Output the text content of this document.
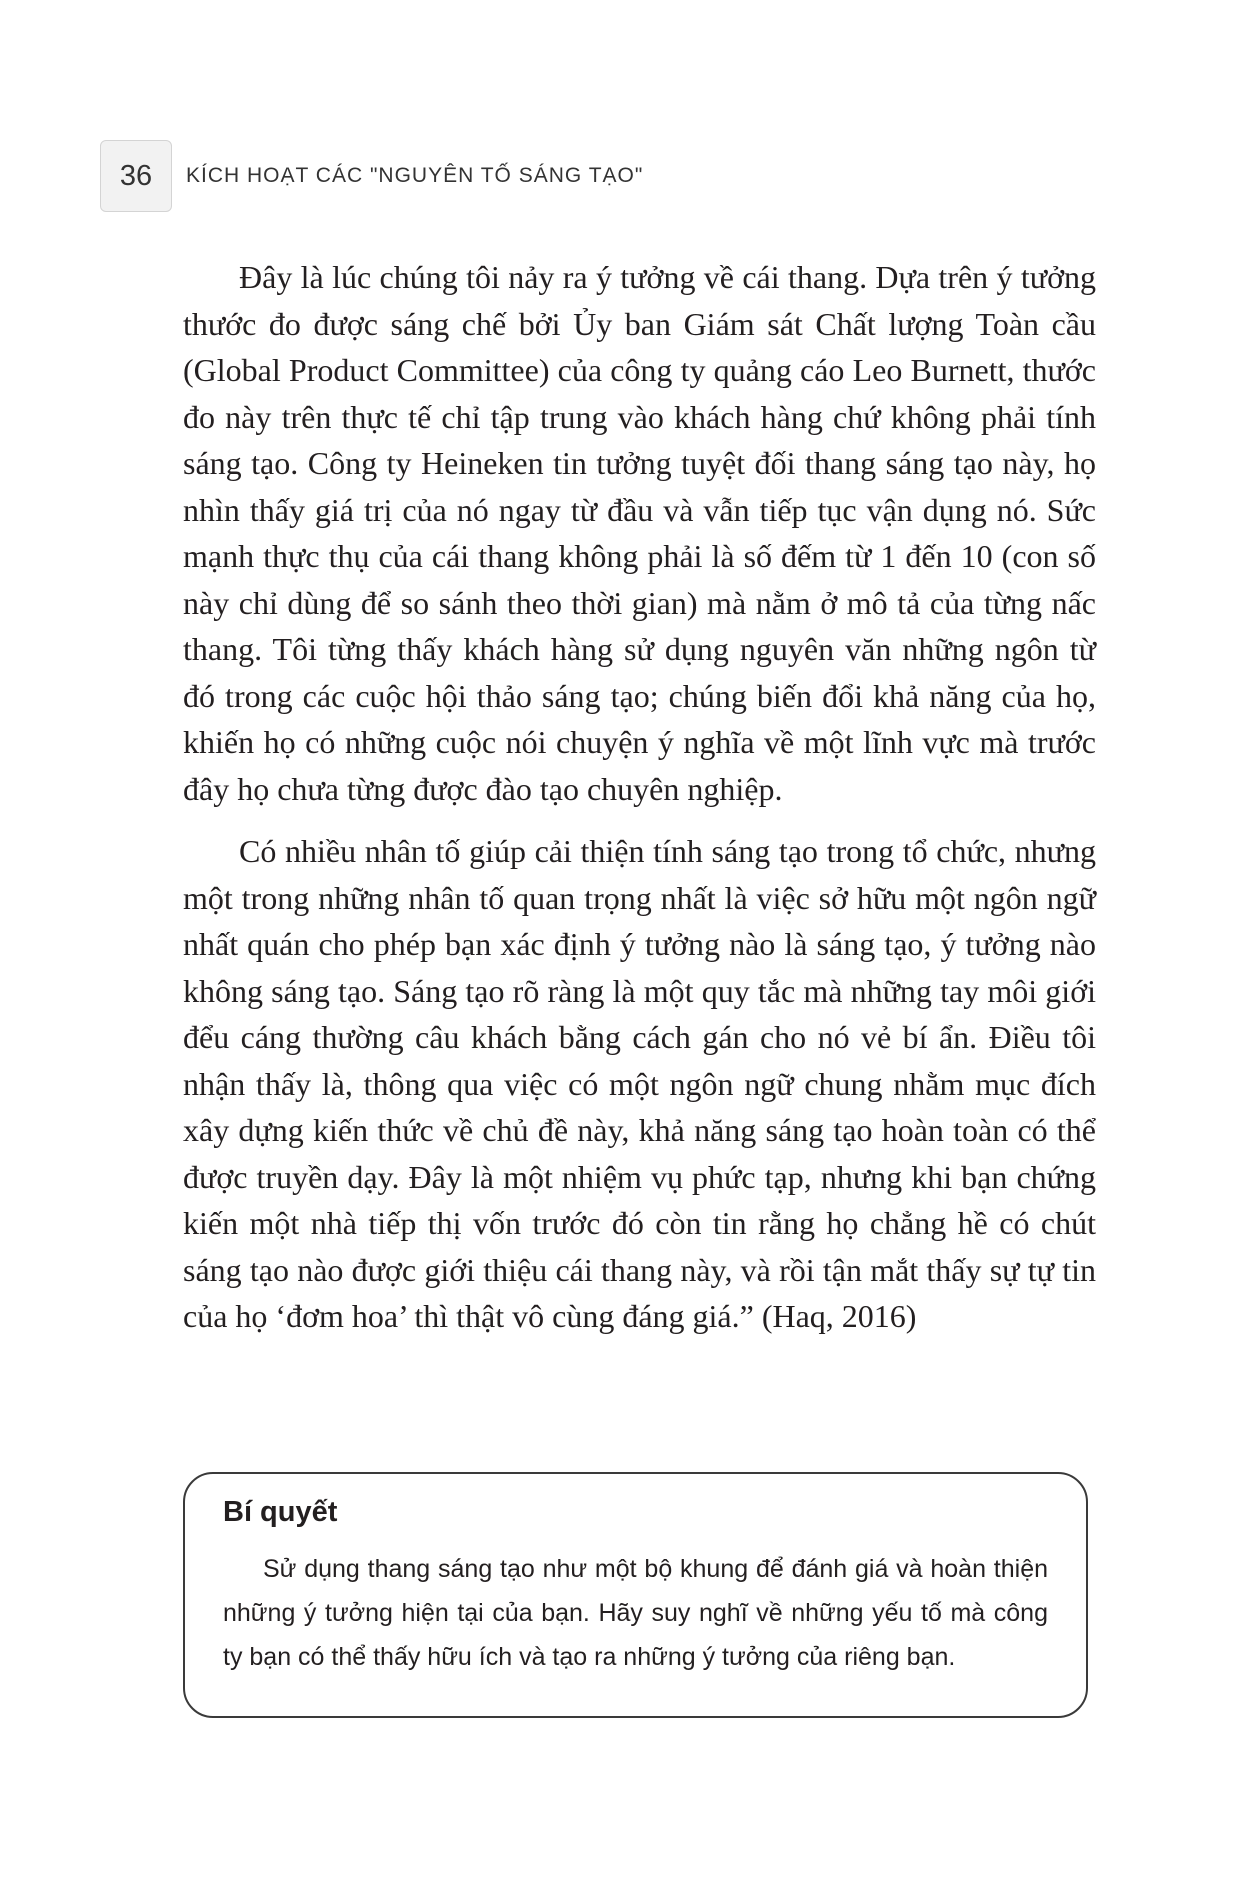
36	KÍCH HOẠT CÁC "NGUYÊN TỐ SÁNG TẠO"

Đây là lúc chúng tôi nảy ra ý tưởng về cái thang. Dựa trên ý tưởng thước đo được sáng chế bởi Ủy ban Giám sát Chất lượng Toàn cầu (Global Product Committee) của công ty quảng cáo Leo Burnett, thước đo này trên thực tế chỉ tập trung vào khách hàng chứ không phải tính sáng tạo. Công ty Heineken tin tưởng tuyệt đối thang sáng tạo này, họ nhìn thấy giá trị của nó ngay từ đầu và vẫn tiếp tục vận dụng nó. Sức mạnh thực thụ của cái thang không phải là số đếm từ 1 đến 10 (con số này chỉ dùng để so sánh theo thời gian) mà nằm ở mô tả của từng nấc thang. Tôi từng thấy khách hàng sử dụng nguyên văn những ngôn từ đó trong các cuộc hội thảo sáng tạo; chúng biến đổi khả năng của họ, khiến họ có những cuộc nói chuyện ý nghĩa về một lĩnh vực mà trước đây họ chưa từng được đào tạo chuyên nghiệp.

Có nhiều nhân tố giúp cải thiện tính sáng tạo trong tổ chức, nhưng một trong những nhân tố quan trọng nhất là việc sở hữu một ngôn ngữ nhất quán cho phép bạn xác định ý tưởng nào là sáng tạo, ý tưởng nào không sáng tạo. Sáng tạo rõ ràng là một quy tắc mà những tay môi giới đểu cáng thường câu khách bằng cách gán cho nó vẻ bí ẩn. Điều tôi nhận thấy là, thông qua việc có một ngôn ngữ chung nhằm mục đích xây dựng kiến thức về chủ đề này, khả năng sáng tạo hoàn toàn có thể được truyền dạy. Đây là một nhiệm vụ phức tạp, nhưng khi bạn chứng kiến một nhà tiếp thị vốn trước đó còn tin rằng họ chẳng hề có chút sáng tạo nào được giới thiệu cái thang này, và rồi tận mắt thấy sự tự tin của họ ‘đơm hoa’ thì thật vô cùng đáng giá.” (Haq, 2016)

Bí quyết

Sử dụng thang sáng tạo như một bộ khung để đánh giá và hoàn thiện những ý tưởng hiện tại của bạn. Hãy suy nghĩ về những yếu tố mà công ty bạn có thể thấy hữu ích và tạo ra những ý tưởng của riêng bạn.
